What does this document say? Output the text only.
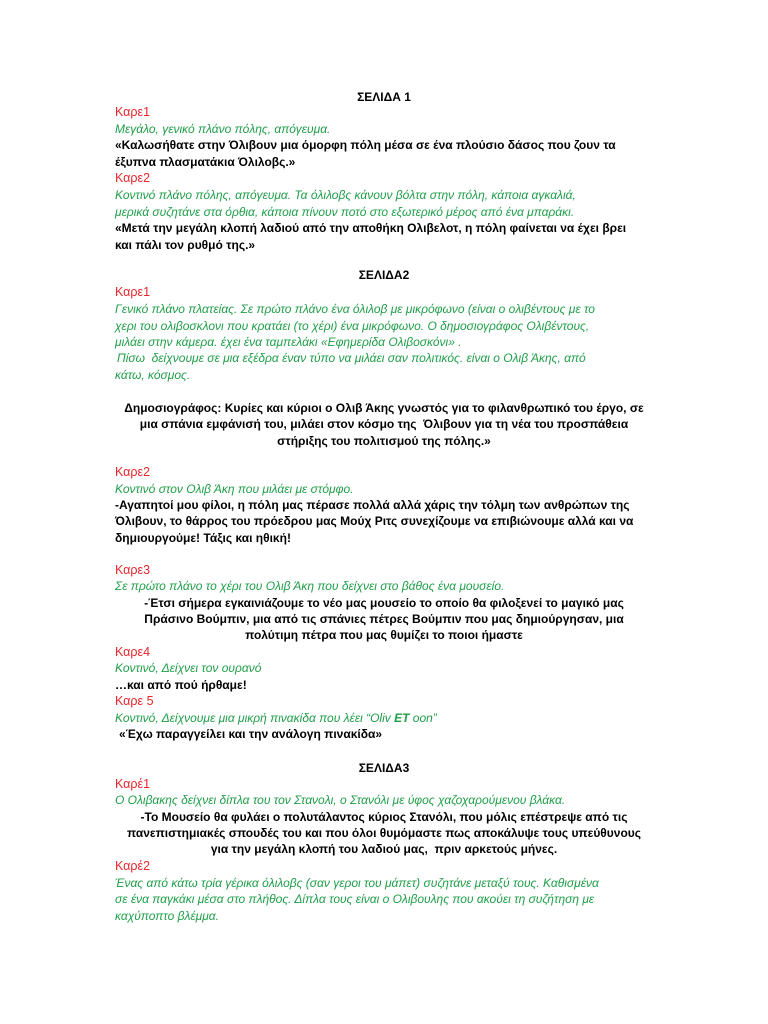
ΣΕΛΙΔΑ 1
Καρε1
Μεγάλο, γενικό πλάνο πόλης, απόγευμα.
«Καλωσήθατε στην Όλιβουν μια όμορφη πόλη μέσα σε ένα πλούσιο δάσος που ζουν τα
έξυπνα πλασματάκια Όλιλοβς.»
Καρε2
Κοντινό πλάνο πόλης, απόγευμα. Τα όλιλοβς κάνουν βόλτα στην πόλη, κάποια αγκαλιά,
μερικά συζητάνε στα όρθια, κάποια πίνουν ποτό στο εξωτερικό μέρος από ένα μπαράκι.
«Μετά την μεγάλη κλοπή λαδιού από την αποθήκη Ολιβελοτ, η πόλη φαίνεται να έχει βρει
και πάλι τον ρυθμό της.»
ΣΕΛΙΔΑ2
Καρε1
Γενικό πλάνο πλατείας. Σε πρώτο πλάνο ένα όλιλοβ με μικρόφωνο (είναι ο ολιβέντους με το
χερι του ολιβοσκλονι που κρατάει (το χέρι) ένα μικρόφωνο. Ο δημοσιογράφος Ολιβέντους,
μιλάει στην κάμερα. έχει ένα ταμπελάκι «Εφημερίδα Ολιβοσκόνι» .
Πίσω  δείχνουμε σε μια εξέδρα έναν τύπο να μιλάει σαν πολιτικός. είναι ο Ολιβ Άκης, από
κάτω, κόσμος.
Δημοσιογράφος: Κυρίες και κύριοι ο Ολιβ Άκης γνωστός για το φιλανθρωπικό του έργο, σε
μια σπάνια εμφάνισή του, μιλάει στον κόσμο της  Όλιβουν για τη νέα του προσπάθεια
στήριξης του πολιτισμού της πόλης.»
Καρε2
Κοντινό στον Ολιβ Άκη που μιλάει με στόμφο.
-Αγαπητοί μου φίλοι, η πόλη μας πέρασε πολλά αλλά χάρις την τόλμη των ανθρώπων της
Όλιβουν, το θάρρος του πρόεδρου μας Μούχ Ριτς συνεχίζουμε να επιβιώνουμε αλλά και να
δημιουργούμε! Τάξις και ηθική!
Καρε3
Σε πρώτο πλάνο το χέρι του Ολιβ Άκη που δείχνει στο βάθος ένα μουσείο.
-Έτσι σήμερα εγκαινιάζουμε το νέο μας μουσείο το οποίο θα φιλοξενεί το μαγικό μας
Πράσινο Βούμπιν, μια από τις σπάνιες πέτρες Βούμπιν που μας δημιούργησαν, μια
πολύτιμη πέτρα που μας θυμίζει το ποιοι ήμαστε
Καρε4
Κοντινό, Δείχνει τον ουρανό
…και από πού ήρθαμε!
Καρε 5
Κοντινό, Δείχνουμε μια μικρή πινακίδα που λέει “Oliv ET oon”
«Έχω παραγγείλει και την ανάλογη πινακίδα»
ΣΕΛΙΔΑ3
Καρέ1
Ο Ολιβακης δείχνει δίπλα του τον Στανολι, ο Στανόλι με ύφος χαζοχαρούμενου βλάκα.
-Το Μουσείο θα φυλάει ο πολυτάλαντος κύριος Στανόλι, που μόλις επέστρεψε από τις
πανεπιστημιακές σπουδές του και που όλοι θυμόμαστε πως αποκάλυψε τους υπεύθυνους
για την μεγάλη κλοπή του λαδιού μας,  πριν αρκετούς μήνες.
Καρέ2
Ένας από κάτω τρία γέρικα όλιλοβς (σαν γεροι του μάπετ) συζητάνε μεταξύ τους. Καθισμένα
σε ένα παγκάκι μέσα στο πλήθος. Δίπλα τους είναι ο Ολιβουλης που ακούει τη συζήτηση με
καχύποπτο βλέμμα.
